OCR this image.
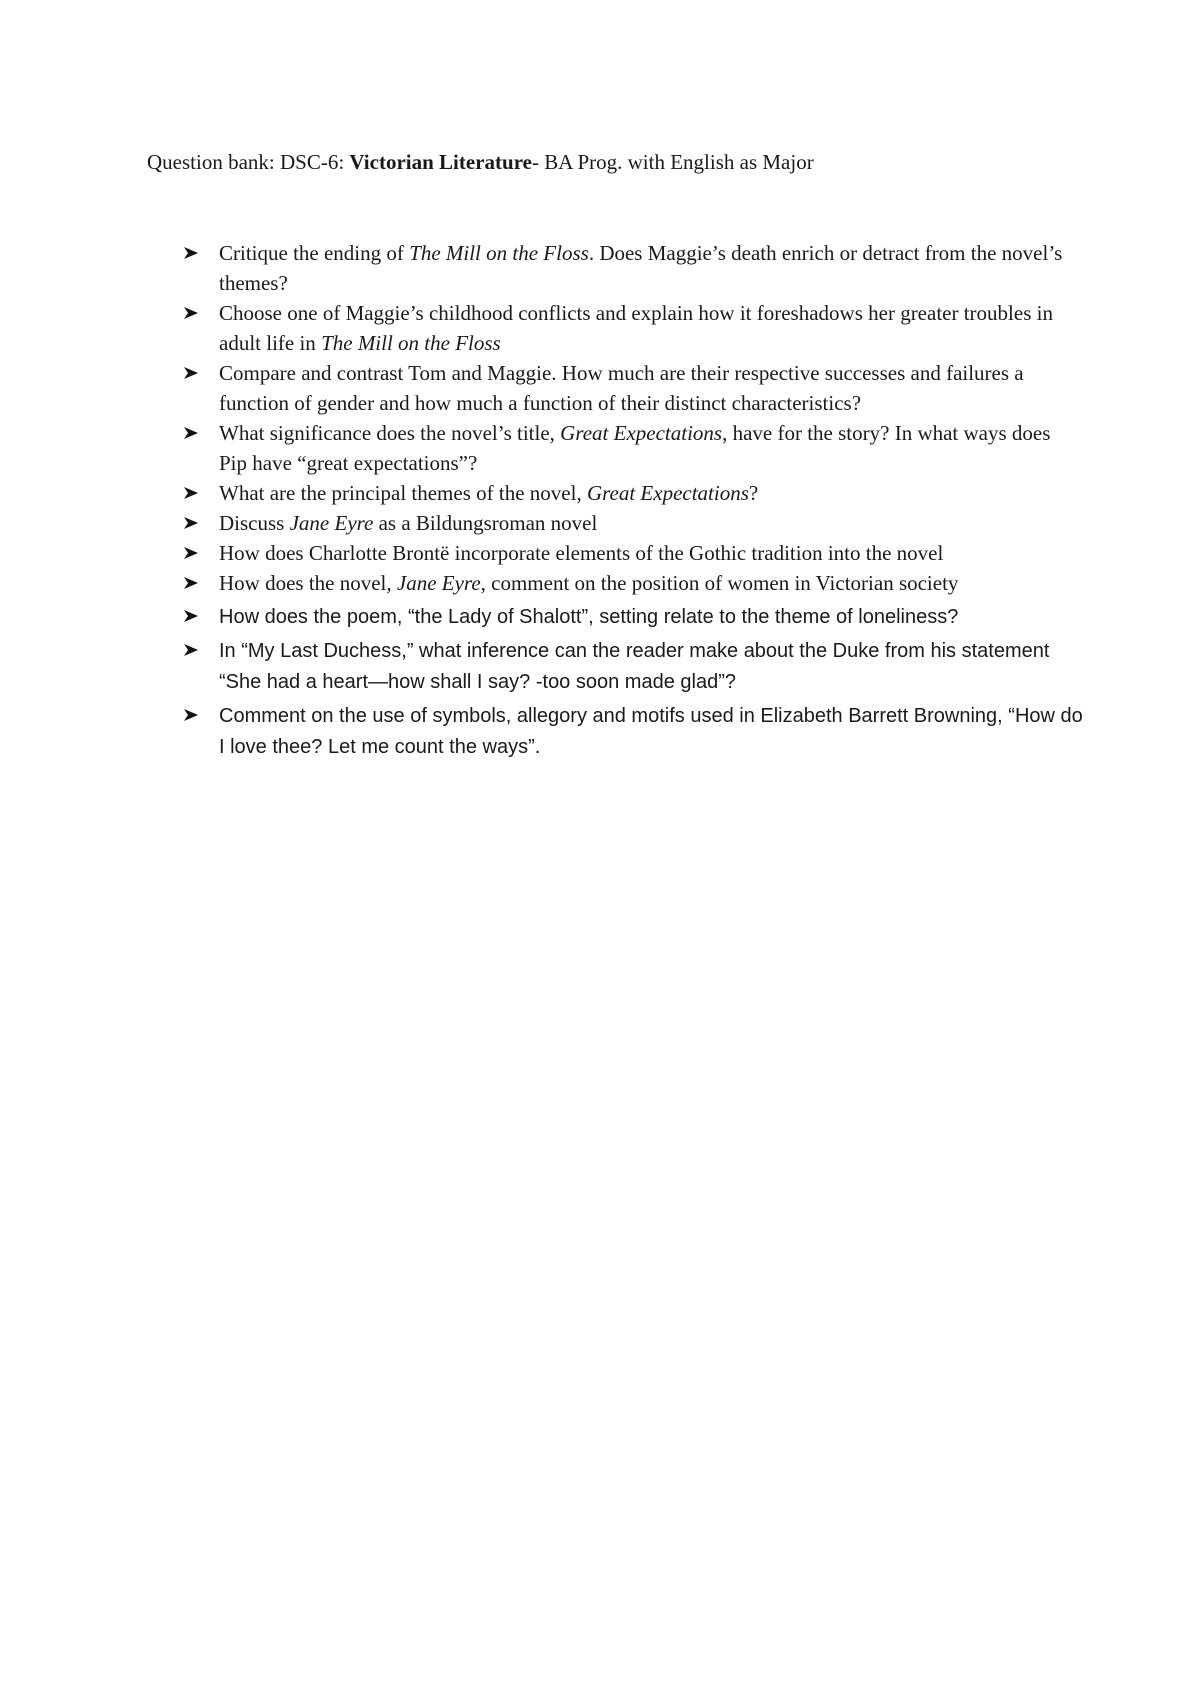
Question bank: DSC-6: Victorian Literature- BA Prog. with English as Major
Critique the ending of The Mill on the Floss. Does Maggie’s death enrich or detract from the novel’s themes?
Choose one of Maggie’s childhood conflicts and explain how it foreshadows her greater troubles in adult life in The Mill on the Floss
Compare and contrast Tom and Maggie. How much are their respective successes and failures a function of gender and how much a function of their distinct characteristics?
What significance does the novel’s title, Great Expectations, have for the story? In what ways does Pip have “great expectations”?
What are the principal themes of the novel, Great Expectations?
Discuss Jane Eyre as a Bildungsroman novel
How does Charlotte Brontë incorporate elements of the Gothic tradition into the novel
How does the novel, Jane Eyre, comment on the position of women in Victorian society
How does the poem, “the Lady of Shalott”, setting relate to the theme of loneliness?
In “My Last Duchess,” what inference can the reader make about the Duke from his statement “She had a heart—how shall I say? -too soon made glad”?
Comment on the use of symbols, allegory and motifs used in Elizabeth Barrett Browning, “How do I love thee? Let me count the ways”.
